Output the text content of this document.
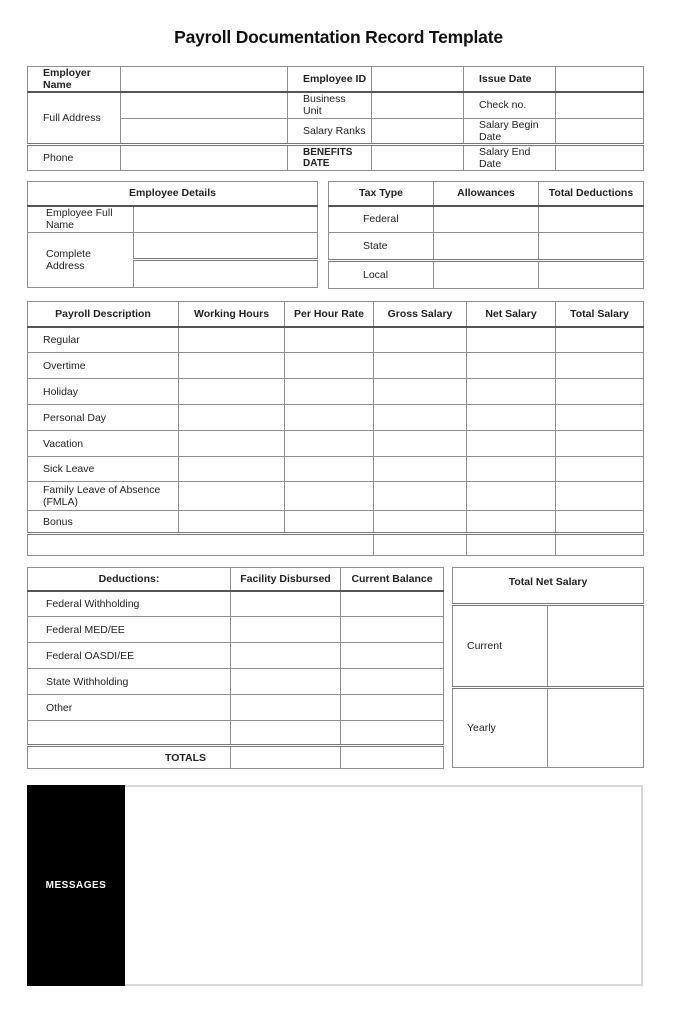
Payroll Documentation Record Template
Employer Name		Employee ID		Issue Date	
Full Address		Business Unit		Check no.	
		Salary Ranks		Salary Begin Date	
Phone		BENEFITS DATE		Salary End Date	
Employee Details	
Employee Full Name	
Complete Address	

Tax Type	Allowances	Total Deductions
Federal		
State		
Local		
Payroll Description	Working Hours	Per Hour Rate	Gross Salary	Net Salary	Total Salary
Regular					
Overtime					
Holiday					
Personal Day					
Vacation					
Sick Leave					
Family Leave of Absence (FMLA)					
Bonus					

Deductions:	Facility Disbursed	Current Balance
Federal Withholding		
Federal MED/EE		
Federal OASDI/EE		
State Withholding		
Other		

TOTALS		
Total Net Salary	
Current	
Yearly	
MESSAGES
